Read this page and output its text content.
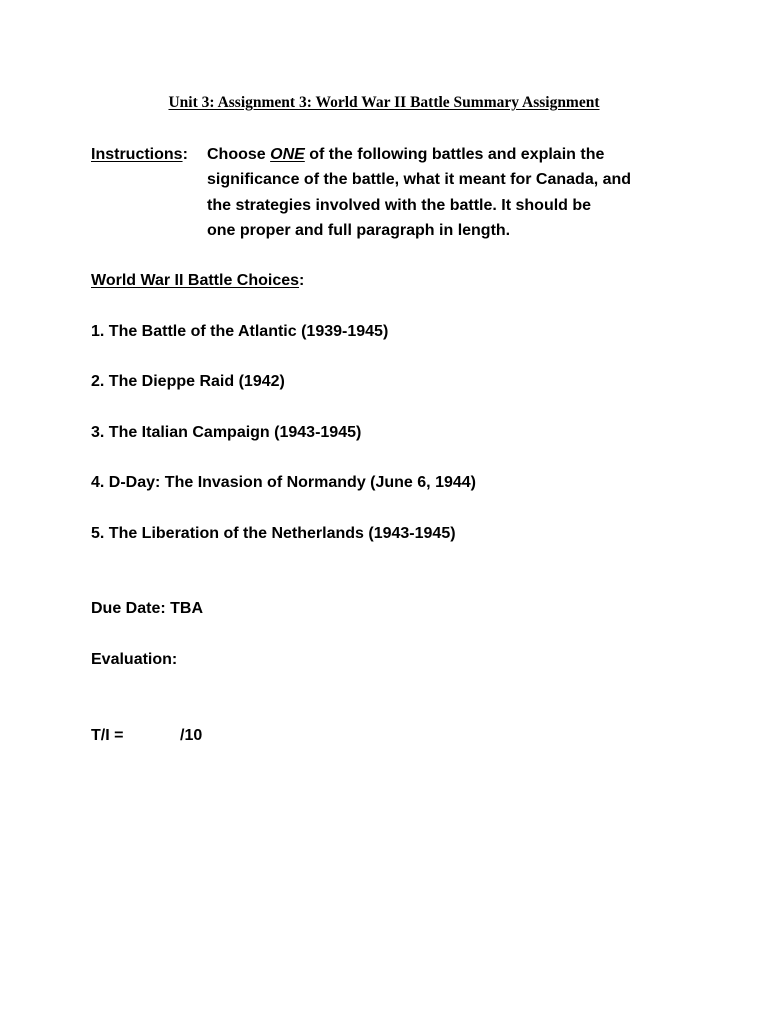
Unit 3: Assignment 3: World War II Battle Summary Assignment
Instructions: Choose ONE of the following battles and explain the
significance of the battle, what it meant for Canada, and
the strategies involved with the battle. It should be
one proper and full paragraph in length.
World War II Battle Choices:
1. The Battle of the Atlantic (1939-1945)
2. The Dieppe Raid (1942)
3. The Italian Campaign (1943-1945)
4. D-Day: The Invasion of Normandy (June 6, 1944)
5. The Liberation of the Netherlands (1943-1945)
Due Date: TBA
Evaluation:
T/I =	/10
